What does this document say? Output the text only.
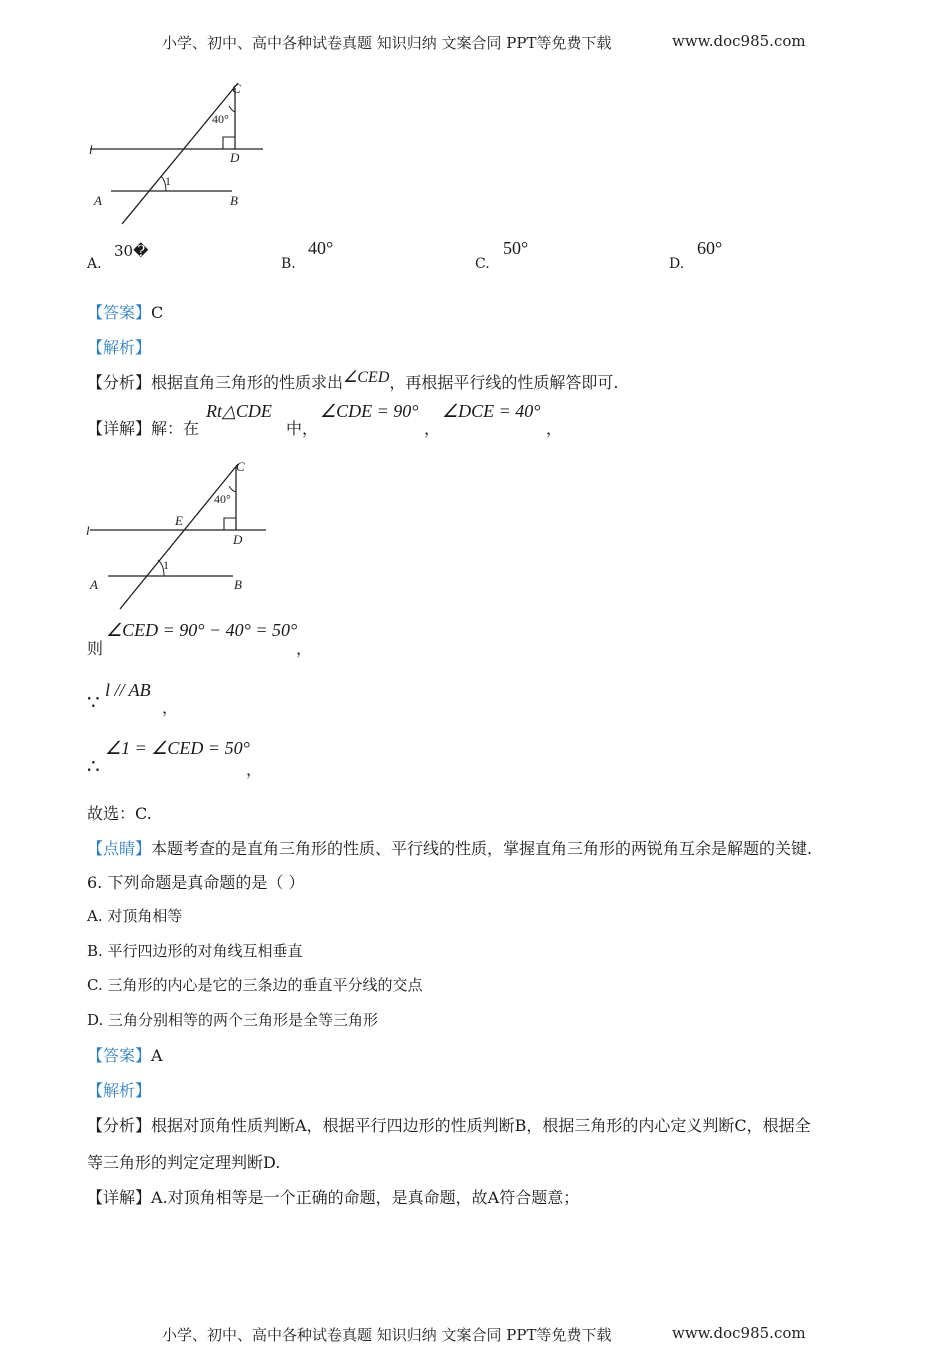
小学、初中、高中各种试卷真题 知识归纳 文案合同 PPT等免费下载	www.doc985.com
C
40°
l
D
1
A	B
A.
30�
B.
40°
C.
50°
D.
60°
【答案】C
【解析】
【分析】根据直角三角形的性质求出∠CED，再根据平行线的性质解答即可.
【详解】解：在
Rt△CDE
中，
∠CDE = 90°
，
∠DCE = 40°
，
C
40°
l
E
D
1
A	B
则
∠CED = 90° − 40° = 50°
，
∵ l // AB
，
∴
∠1 = ∠CED = 50°
，
故选：C.
【点睛】本题考查的是直角三角形的性质、平行线的性质，掌握直角三角形的两锐角互余是解题的关键.
6. 下列命题是真命题的是（ ）
A. 对顶角相等
B. 平行四边形的对角线互相垂直
C. 三角形的内心是它的三条边的垂直平分线的交点
D. 三角分别相等的两个三角形是全等三角形
【答案】A
【解析】
【分析】根据对顶角性质判断A，根据平行四边形的性质判断B，根据三角形的内心定义判断C，根据全
等三角形的判定定理判断D.
【详解】A.对顶角相等是一个正确的命题，是真命题，故A符合题意；
小学、初中、高中各种试卷真题 知识归纳 文案合同 PPT等免费下载	www.doc985.com
